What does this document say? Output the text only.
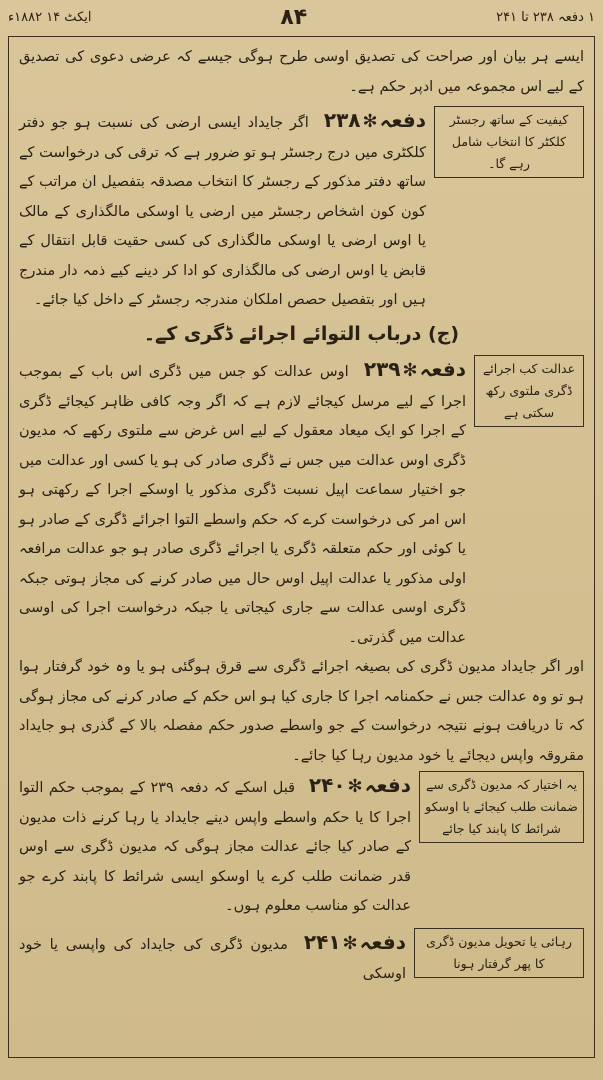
۱ دفعہ ۲۳۸ تا ۲۴۱
۸۴
ایکٹ ۱۴ ۱۸۸۲ء

ایسے ہر بیان اور صراحت کی تصدیق اوسی طرح ہوگی جیسے کہ عرضی دعوی کی تصدیق کے لیے اس مجموعہ میں ادپر حکم ہے۔

کیفیت کے ساتھ رجسٹر کلکٹر کا انتخاب شامل رہے گا۔
دفعہ✻۲۳۸ اگر جایداد ایسی ارضی کی نسبت ہو جو دفتر کلکٹری میں درج رجسٹر ہو تو ضرور ہے کہ ترقی کی درخواست کے ساتھ دفتر مذکور کے رجسٹر کا انتخاب مصدقہ بتفصیل ان مراتب کے کون کون اشخاص رجسٹر میں ارضی یا اوسکی مالگذاری کے مالک یا اوس ارضی یا اوسکی مالگذاری کی کسی حقیت قابل انتقال کے قابض یا اوس ارضی کی مالگذاری کو ادا کر دینے کیے ذمہ دار مندرج ہیں اور بتفصیل حصص املکان مندرجہ رجسٹر کے داخل کیا جائے۔
(ج) درباب التوائے اجرائے ڈگری کے۔
عدالت کب اجرائے ڈگری ملتوی رکھ سکتی ہے
دفعہ✻۲۳۹ اوس عدالت کو جس میں ڈگری اس باب کے بموجب اجرا کے لیے مرسل کیجائے لازم ہے کہ اگر وجہ کافی ظاہر کیجائے ڈگری کے اجرا کو ایک میعاد معقول کے لیے اس غرض سے ملتوی رکھے کہ مدیون ڈگری اوس عدالت میں جس نے ڈگری صادر کی ہو یا کسی اور عدالت میں جو اختیار سماعت اپیل نسبت ڈگری مذکور یا اوسکے اجرا کے رکھتی ہو اس امر کی درخواست کرے کہ حکم واسطے التوا اجرائے ڈگری کے صادر ہو یا کوئی اور حکم متعلقہ ڈگری یا اجرائے ڈگری صادر ہو جو عدالت مرافعہ اولی مذکور یا عدالت اپیل اوس حال میں صادر کرنے کی مجاز ہوتی جبکہ ڈگری اوسی عدالت سے جاری کیجاتی یا جبکہ درخواست اجرا کی اوسی عدالت میں گذرتی۔

اور اگر جایداد مدیون ڈگری کی بصیغہ اجرائے ڈگری سے قرق ہوگئی ہو یا وہ خود گرفتار ہوا ہو تو وہ عدالت جس نے حکمنامہ اجرا کا جاری کیا ہو اس حکم کے صادر کرنے کی مجاز ہوگی کہ تا دریافت ہونے نتیجہ درخواست کے جو واسطے صدور حکم مفصلہ بالا کے گذری ہو جایداد مقروقہ واپس دیجائے یا خود مدیون رہا کیا جائے۔

یہ اختیار کہ مدیون ڈگری سے ضمانت طلب کیجائے یا اوسکو شرائط کا پابند کیا جائے
دفعہ✻۲۴۰ قبل اسکے کہ دفعہ ۲۳۹ کے بموجب حکم التوا اجرا کا یا حکم واسطے واپس دینے جایداد یا رہا کرنے ذات مدیون کے صادر کیا جائے عدالت مجاز ہوگی کہ مدیون ڈگری سے اوس قدر ضمانت طلب کرے یا اوسکو ایسی شرائط کا پابند کرے جو عدالت کو مناسب معلوم ہوں۔
رہائی یا تحویل مدیون ڈگری کا پھر گرفتار ہونا
دفعہ✻۲۴۱ مدیون ڈگری کی جایداد کی واپسی یا خود اوسکی
